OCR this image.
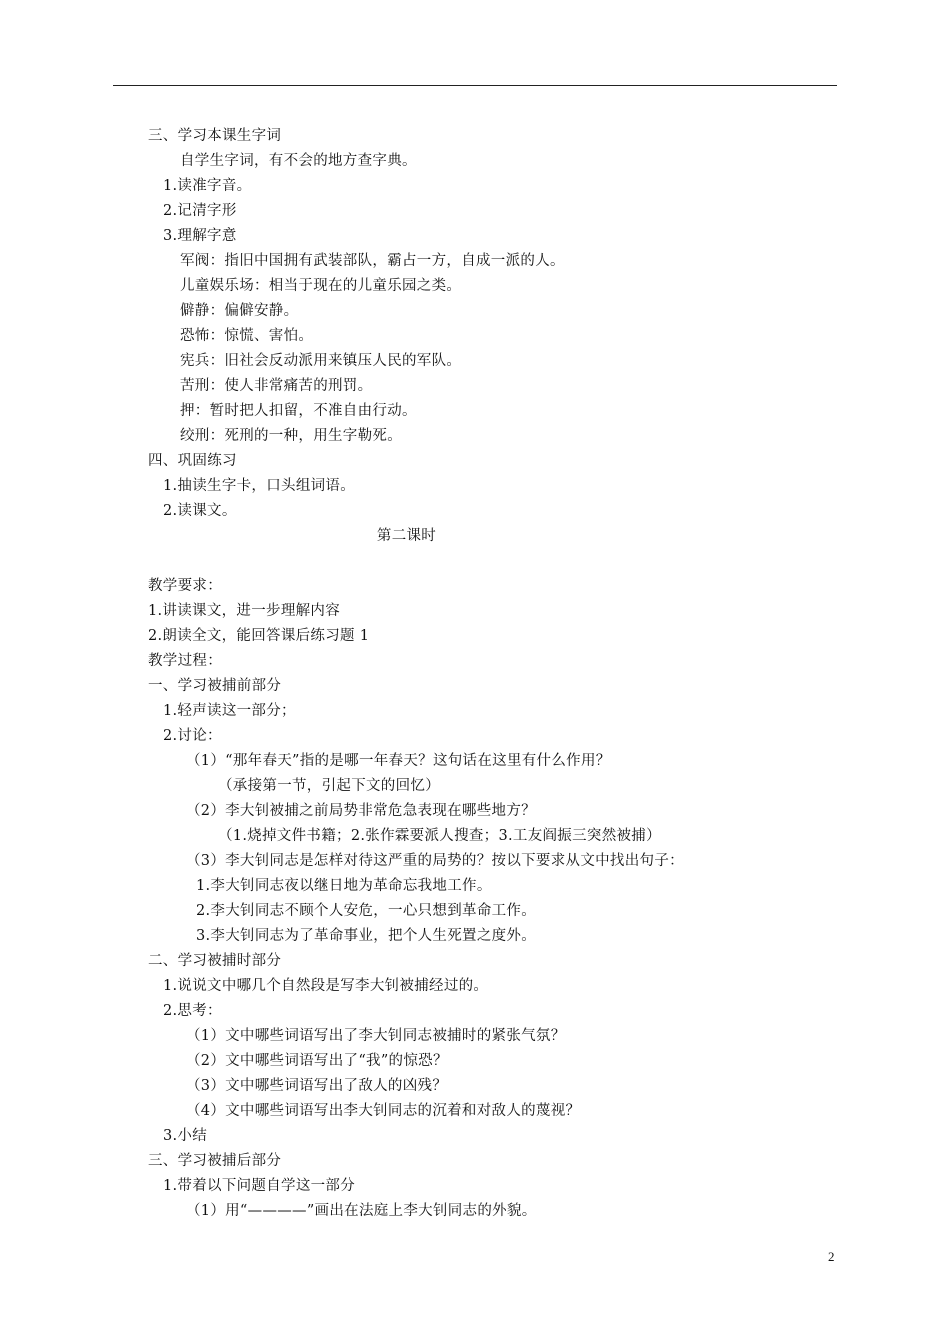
三、学习本课生字词
自学生字词，有不会的地方查字典。
1.读准字音。
2.记清字形
3.理解字意
军阀：指旧中国拥有武装部队，霸占一方，自成一派的人。
儿童娱乐场：相当于现在的儿童乐园之类。
僻静：偏僻安静。
恐怖：惊慌、害怕。
宪兵：旧社会反动派用来镇压人民的军队。
苦刑：使人非常痛苦的刑罚。
押：暂时把人扣留，不准自由行动。
绞刑：死刑的一种，用生字勒死。
四、巩固练习
1.抽读生字卡，口头组词语。
2.读课文。
第二课时
教学要求：
1.讲读课文，进一步理解内容
2.朗读全文，能回答课后练习题 1
教学过程：
一、学习被捕前部分
1.轻声读这一部分；
2.讨论：
（1）“那年春天”指的是哪一年春天？这句话在这里有什么作用？
（承接第一节，引起下文的回忆）
（2）李大钊被捕之前局势非常危急表现在哪些地方？
（1.烧掉文件书籍；2.张作霖要派人搜查；3.工友阎振三突然被捕）
（3）李大钊同志是怎样对待这严重的局势的？按以下要求从文中找出句子：
1.李大钊同志夜以继日地为革命忘我地工作。
2.李大钊同志不顾个人安危，一心只想到革命工作。
3.李大钊同志为了革命事业，把个人生死置之度外。
二、学习被捕时部分
1.说说文中哪几个自然段是写李大钊被捕经过的。
2.思考：
（1）文中哪些词语写出了李大钊同志被捕时的紧张气氛？
（2）文中哪些词语写出了“我”的惊恐？
（3）文中哪些词语写出了敌人的凶残？
（4）文中哪些词语写出李大钊同志的沉着和对敌人的蔑视？
3.小结
三、学习被捕后部分
1.带着以下问题自学这一部分
（1）用“————”画出在法庭上李大钊同志的外貌。
2
